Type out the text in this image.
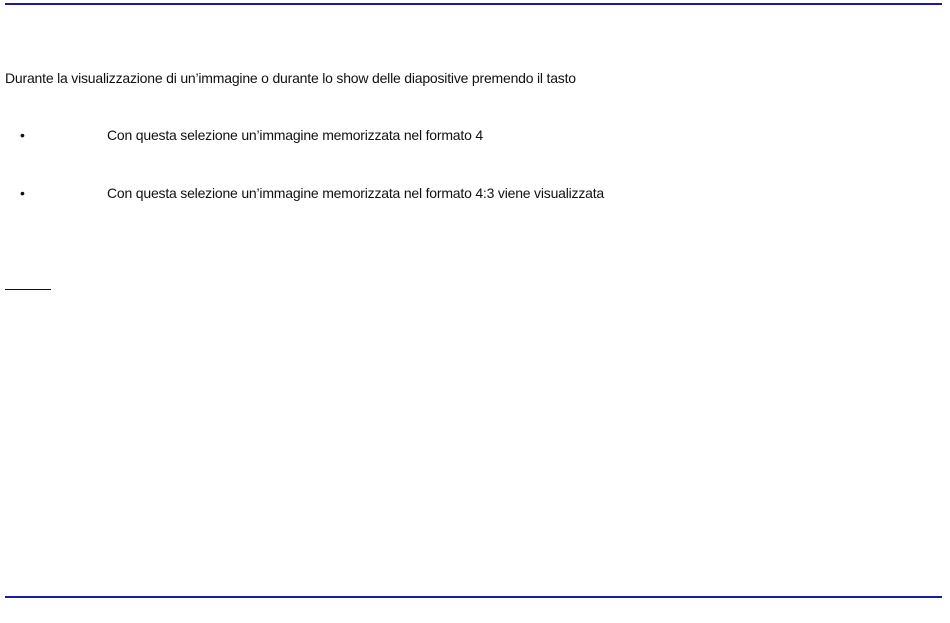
Durante la visualizzazione di un’immagine o durante lo show delle diapositive premendo il tasto
•	Con questa selezione un’immagine memorizzata nel formato 4
•	Con questa selezione un’immagine memorizzata nel formato 4:3 viene visualizzata
